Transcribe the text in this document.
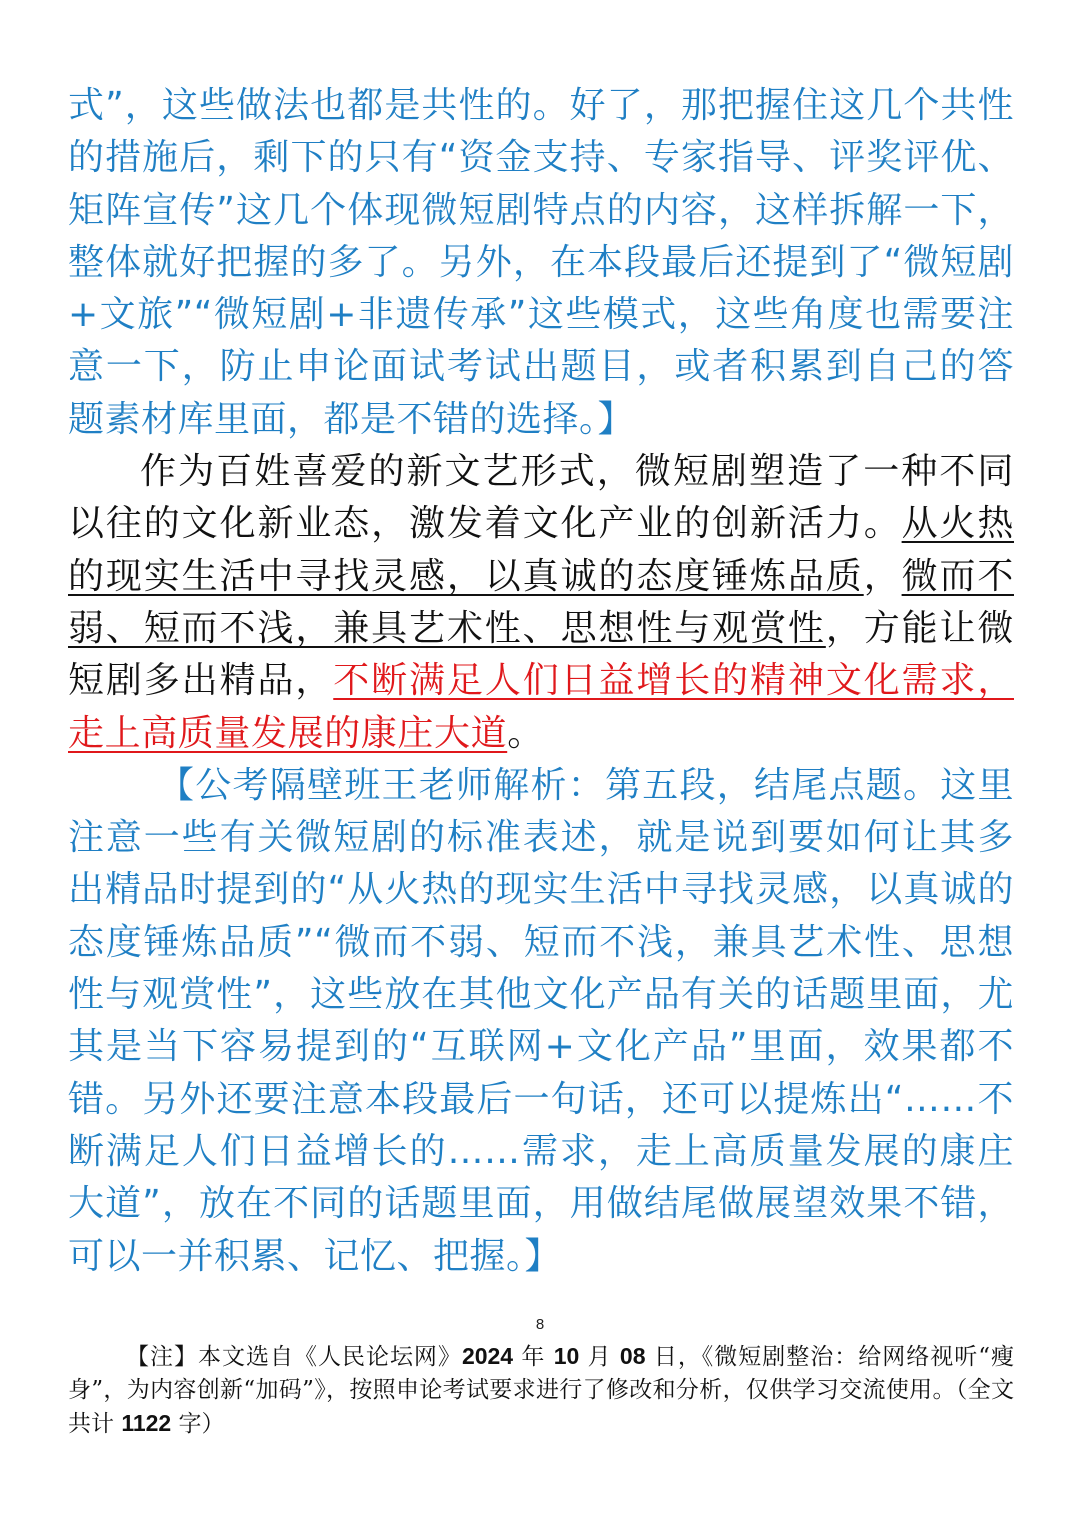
式”，这些做法也都是共性的。好了，那把握住这几个共性的措施后，剩下的只有“资金支持、专家指导、评奖评优、矩阵宣传”这几个体现微短剧特点的内容，这样拆解一下，整体就好把握的多了。另外，在本段最后还提到了“微短剧+文旅”“微短剧+非遗传承”这些模式，这些角度也需要注意一下，防止申论面试考试出题目，或者积累到自己的答题素材库里面，都是不错的选择。】

作为百姓喜爱的新文艺形式，微短剧塑造了一种不同以往的文化新业态，激发着文化产业的创新活力。从火热的现实生活中寻找灵感，以真诚的态度锤炼品质，微而不弱、短而不浅，兼具艺术性、思想性与观赏性，方能让微短剧多出精品，不断满足人们日益增长的精神文化需求，走上高质量发展的康庄大道。

【公考隔壁班王老师解析：第五段，结尾点题。这里注意一些有关微短剧的标准表述，就是说到要如何让其多出精品时提到的“从火热的现实生活中寻找灵感，以真诚的态度锤炼品质”“微而不弱、短而不浅，兼具艺术性、思想性与观赏性”，这些放在其他文化产品有关的话题里面，尤其是当下容易提到的“互联网+文化产品”里面，效果都不错。另外还要注意本段最后一句话，还可以提炼出“……不断满足人们日益增长的……需求，走上高质量发展的康庄大道”，放在不同的话题里面，用做结尾做展望效果不错，可以一并积累、记忆、把握。】

8
【注】本文选自《人民论坛网》2024 年 10 月 08 日，《微短剧整治：给网络视听“瘦身”，为内容创新“加码”》，按照申论考试要求进行了修改和分析，仅供学习交流使用。（全文共计 1122 字）
